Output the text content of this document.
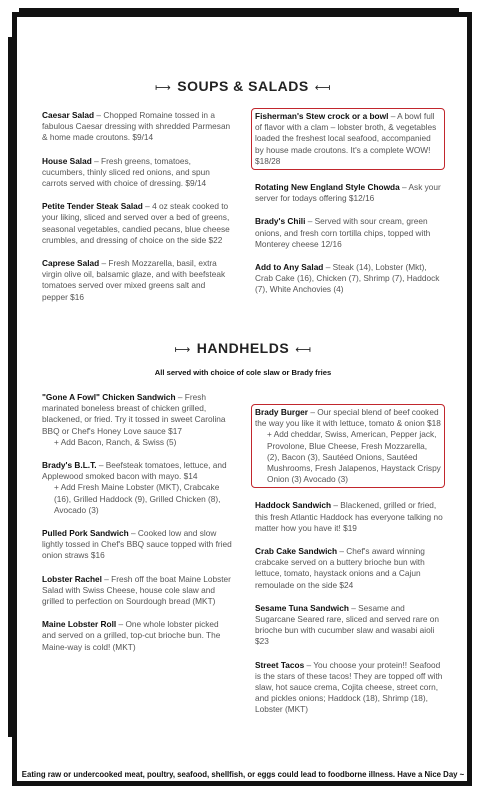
⟼ SOUPS & SALADS ⟻
Caesar Salad – Chopped Romaine tossed in a fabulous Caesar dressing with shredded Parmesan & home made croutons. $9/14
House Salad – Fresh greens, tomatoes, cucumbers, thinly sliced red onions, and spun carrots served with choice of dressing. $9/14
Petite Tender Steak Salad – 4 oz steak cooked to your liking, sliced and served over a bed of greens, seasonal vegetables, candied pecans, blue cheese crumbles, and dressing of choice on the side $22
Caprese Salad – Fresh Mozzarella, basil, extra virgin olive oil, balsamic glaze, and with beefsteak tomatoes served over mixed greens salt and pepper $16
Fisherman's Stew crock or a bowl – A bowl full of flavor with a clam – lobster broth, & vegetables loaded the freshest local seafood, accompanied by house made croutons. It's a complete WOW! $18/28
Rotating New England Style Chowda – Ask your server for todays offering $12/16
Brady's Chili – Served with sour cream, green onions, and fresh corn tortilla chips, topped with Monterey cheese 12/16
Add to Any Salad – Steak (14), Lobster (Mkt), Crab Cake (16), Chicken (7), Shrimp (7), Haddock (7), White Anchovies (4)
⟼ HANDHELDS ⟻
All served with choice of cole slaw or Brady fries
"Gone A Fowl" Chicken Sandwich – Fresh marinated boneless breast of chicken grilled, blackened, or fried. Try it tossed in sweet Carolina BBQ or Chef's Honey Love sauce $17
+ Add Bacon, Ranch, & Swiss (5)
Brady's B.L.T. – Beefsteak tomatoes, lettuce, and Applewood smoked bacon with mayo. $14
+ Add Fresh Maine Lobster (MKT), Crabcake (16), Grilled Haddock (9), Grilled Chicken (8), Avocado (3)
Pulled Pork Sandwich – Cooked low and slow lightly tossed in Chef's BBQ sauce topped with fried onion straws $16
Lobster Rachel – Fresh off the boat Maine Lobster Salad with Swiss Cheese, house cole slaw and grilled to perfection on Sourdough bread (MKT)
Maine Lobster Roll – One whole lobster picked and served on a grilled, top-cut brioche bun. The Maine-way is cold! (MKT)
Brady Burger – Our special blend of beef cooked the way you like it with lettuce, tomato & onion $18
+ Add cheddar, Swiss, American, Pepper jack, Provolone, Blue Cheese, Fresh Mozzarella, (2), Bacon (3), Sautéed Onions, Sautéed Mushrooms, Fresh Jalapenos, Haystack Crispy Onion (3) Avocado (3)
Haddock Sandwich – Blackened, grilled or fried, this fresh Atlantic Haddock has everyone talking no matter how you have it! $19
Crab Cake Sandwich – Chef's award winning crabcake served on a buttery brioche bun with lettuce, tomato, haystack onions and a Cajun remoulade on the side $24
Sesame Tuna Sandwich – Sesame and Sugarcane Seared rare, sliced and served rare on brioche bun with cucumber slaw and wasabi aioli $23
Street Tacos – You choose your protein!! Seafood is the stars of these tacos! They are topped off with slaw, hot sauce crema, Cojita cheese, street corn, and pickles onions; Haddock (18), Shrimp (18), Lobster (MKT)
Eating raw or undercooked meat, poultry, seafood, shellfish, or eggs could lead to foodborne illness. Have a Nice Day ~
